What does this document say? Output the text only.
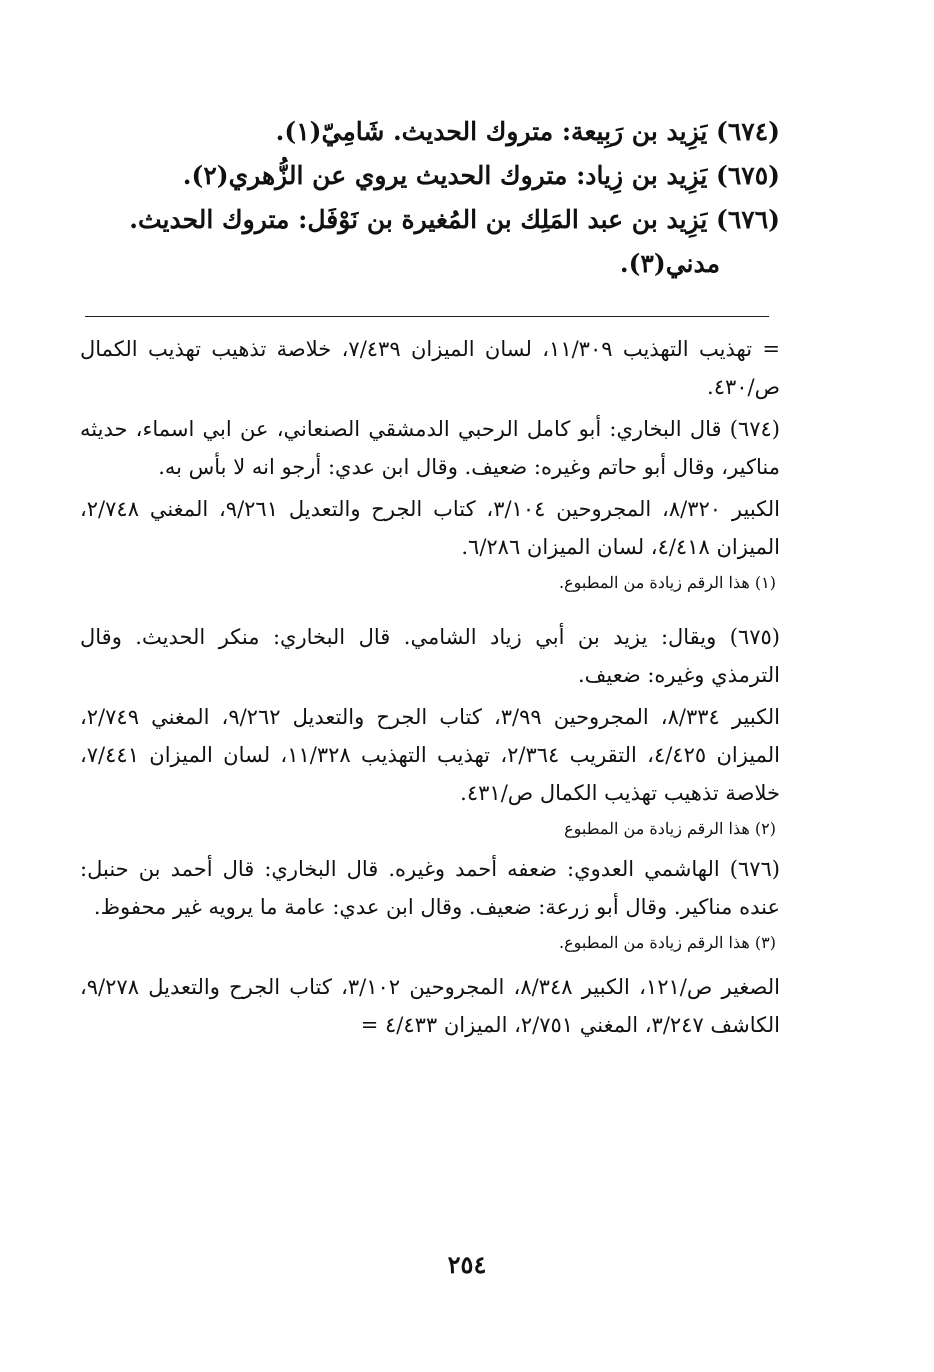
(٦٧٤) يَزِيد بن رَبِيعة: متروك الحديث. شَامِيّ(١).

(٦٧٥) يَزِيد بن زِياد: متروك الحديث يروي عن الزُّهري(٢).

(٦٧٦) يَزِيد بن عبد المَلِك بن المُغيرة بن نَوْفَل: متروك الحديث.
مدني(٣).

= تهذيب التهذيب ١١/٣٠٩، لسان الميزان ٧/٤٣٩، خلاصة تذهيب تهذيب الكمال ص/٤٣٠.

(٦٧٤) قال البخاري: أبو كامل الرحبي الدمشقي الصنعاني، عن ابي اسماء، حديثه مناكير، وقال أبو حاتم وغيره: ضعيف. وقال ابن عدي: أرجو انه لا بأس به.

الكبير ٨/٣٢٠، المجروحين ٣/١٠٤، كتاب الجرح والتعديل ٩/٢٦١، المغني ٢/٧٤٨، الميزان ٤/٤١٨، لسان الميزان ٦/٢٨٦.

(١) هذا الرقم زيادة من المطبوع.

(٦٧٥) ويقال: يزيد بن أبي زياد الشامي. قال البخاري: منكر الحديث. وقال الترمذي وغيره: ضعيف.

الكبير ٨/٣٣٤، المجروحين ٣/٩٩، كتاب الجرح والتعديل ٩/٢٦٢، المغني ٢/٧٤٩، الميزان ٤/٤٢٥، التقريب ٢/٣٦٤، تهذيب التهذيب ١١/٣٢٨، لسان الميزان ٧/٤٤١، خلاصة تذهيب تهذيب الكمال ص/٤٣١.

(٢) هذا الرقم زيادة من المطبوع

(٦٧٦) الهاشمي العدوي: ضعفه أحمد وغيره. قال البخاري: قال أحمد بن حنبل: عنده مناكير. وقال أبو زرعة: ضعيف. وقال ابن عدي: عامة ما يرويه غير محفوظ.

(٣) هذا الرقم زيادة من المطبوع.

الصغير ص/١٢١، الكبير ٨/٣٤٨، المجروحين ٣/١٠٢، كتاب الجرح والتعديل ٩/٢٧٨، الكاشف ٣/٢٤٧، المغني ٢/٧٥١، الميزان ٤/٤٣٣ =

٢٥٤
